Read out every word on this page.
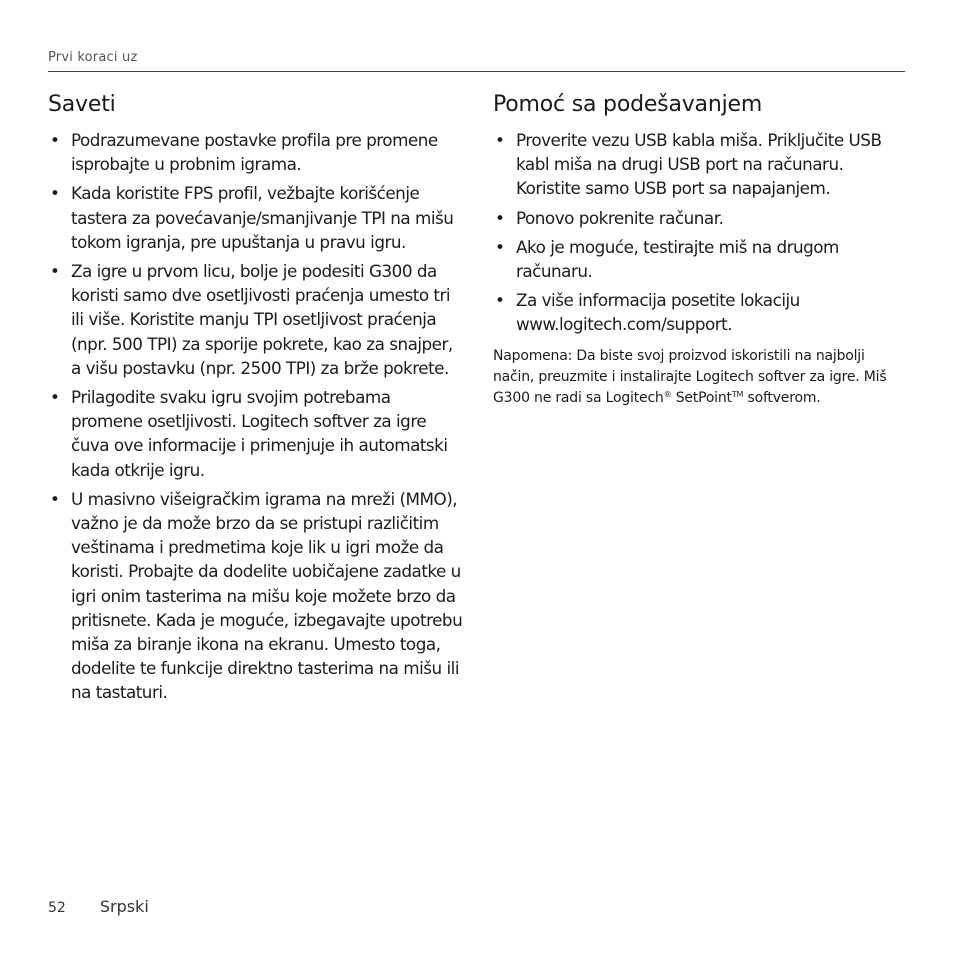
Prvi koraci uz
Saveti
• Podrazumevane postavke profila pre promene isprobajte u probnim igrama.
• Kada koristite FPS profil, vežbajte korišćenje tastera za povećavanje/smanjivanje TPI na mišu tokom igranja, pre upuštanja u pravu igru.
• Za igre u prvom licu, bolje je podesiti G300 da koristi samo dve osetljivosti praćenja umesto tri ili više. Koristite manju TPI osetljivost praćenja (npr. 500 TPI) za sporije pokrete, kao za snajper, a višu postavku (npr. 2500 TPI) za brže pokrete.
• Prilagodite svaku igru svojim potrebama promene osetljivosti. Logitech softver za igre čuva ove informacije i primenjuje ih automatski kada otkrije igru.
• U masivno višeigračkim igrama na mreži (MMO), važno je da može brzo da se pristupi različitim veštinama i predmetima koje lik u igri može da koristi. Probajte da dodelite uobičajene zadatke u igri onim tasterima na mišu koje možete brzo da pritisnete. Kada je moguće, izbegavajte upotrebu miša za biranje ikona na ekranu. Umesto toga, dodelite te funkcije direktno tasterima na mišu ili na tastaturi.
Pomoć sa podešavanjem
• Proverite vezu USB kabla miša. Priključite USB kabl miša na drugi USB port na računaru. Koristite samo USB port sa napajanjem.
• Ponovo pokrenite računar.
• Ako je moguće, testirajte miš na drugom računaru.
• Za više informacija posetite lokaciju www.logitech.com/support.

Napomena: Da biste svoj proizvod iskoristili na najbolji način, preuzmite i instalirajte Logitech softver za igre. Miš G300 ne radi sa Logitech® SetPoint™ softverom.

52 Srpski
